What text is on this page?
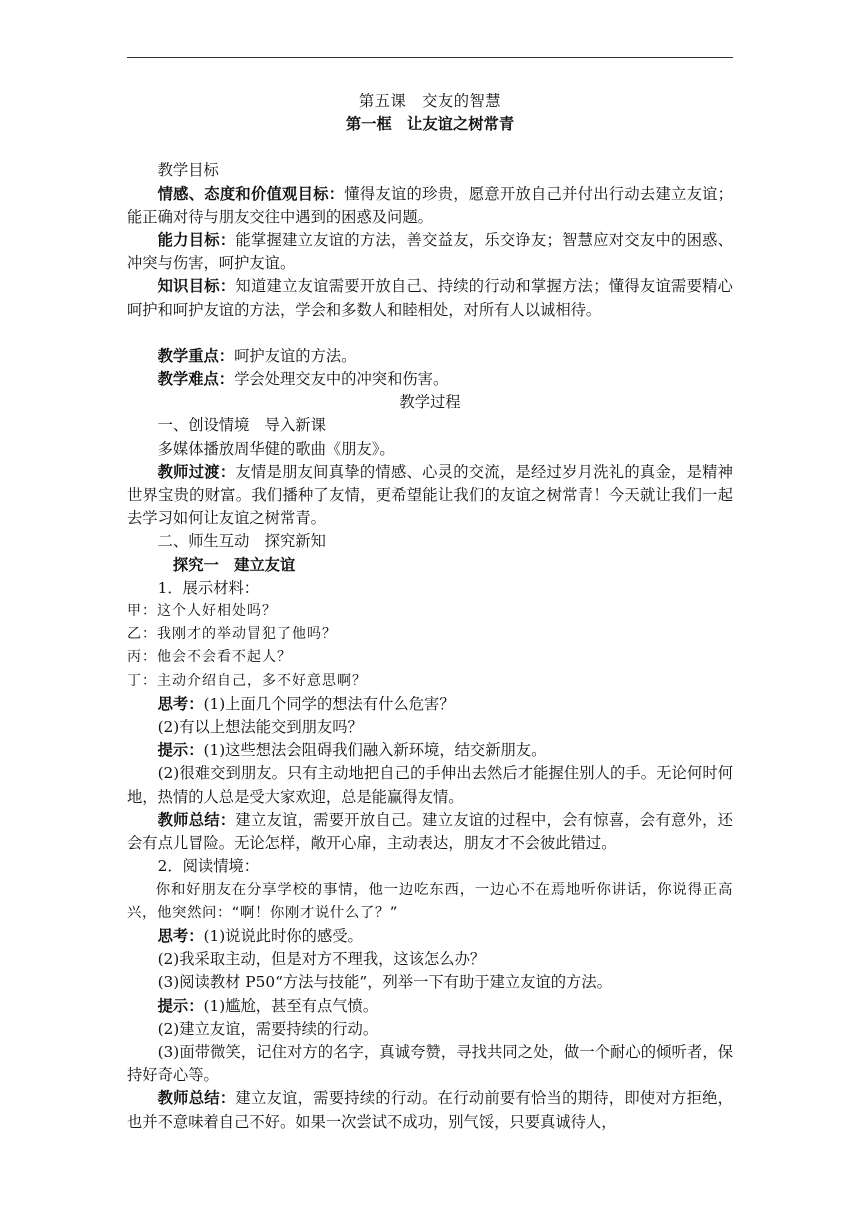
第五课　交友的智慧

第一框　让友谊之树常青

教学目标

情感、态度和价值观目标：懂得友谊的珍贵，愿意开放自己并付出行动去建立友谊；能正确对待与朋友交往中遇到的困惑及问题。

能力目标：能掌握建立友谊的方法，善交益友，乐交诤友；智慧应对交友中的困惑、冲突与伤害，呵护友谊。

知识目标：知道建立友谊需要开放自己、持续的行动和掌握方法；懂得友谊需要精心呵护和呵护友谊的方法，学会和多数人和睦相处，对所有人以诚相待。

教学重点：呵护友谊的方法。

教学难点：学会处理交友中的冲突和伤害。

教学过程

一、创设情境　导入新课

多媒体播放周华健的歌曲《朋友》。

教师过渡：友情是朋友间真挚的情感、心灵的交流，是经过岁月洗礼的真金，是精神世界宝贵的财富。我们播种了友情，更希望能让我们的友谊之树常青！今天就让我们一起去学习如何让友谊之树常青。

二、师生互动　探究新知

探究一　建立友谊

1．展示材料：

甲：这个人好相处吗？

乙：我刚才的举动冒犯了他吗？

丙：他会不会看不起人？

丁：主动介绍自己，多不好意思啊？

思考：(1)上面几个同学的想法有什么危害？

(2)有以上想法能交到朋友吗？

提示：(1)这些想法会阻碍我们融入新环境，结交新朋友。

(2)很难交到朋友。只有主动地把自己的手伸出去然后才能握住别人的手。无论何时何地，热情的人总是受大家欢迎，总是能赢得友情。

教师总结：建立友谊，需要开放自己。建立友谊的过程中，会有惊喜，会有意外，还会有点儿冒险。无论怎样，敞开心扉，主动表达，朋友才不会彼此错过。

2．阅读情境：

你和好朋友在分享学校的事情，他一边吃东西，一边心不在焉地听你讲话，你说得正高兴，他突然问：“啊！你刚才说什么了？”

思考：(1)说说此时你的感受。

(2)我采取主动，但是对方不理我，这该怎么办？

(3)阅读教材 P50“方法与技能”，列举一下有助于建立友谊的方法。

提示：(1)尴尬，甚至有点气愤。

(2)建立友谊，需要持续的行动。

(3)面带微笑，记住对方的名字，真诚夸赞，寻找共同之处，做一个耐心的倾听者，保持好奇心等。

教师总结：建立友谊，需要持续的行动。在行动前要有恰当的期待，即使对方拒绝，也并不意味着自己不好。如果一次尝试不成功，别气馁，只要真诚待人，
